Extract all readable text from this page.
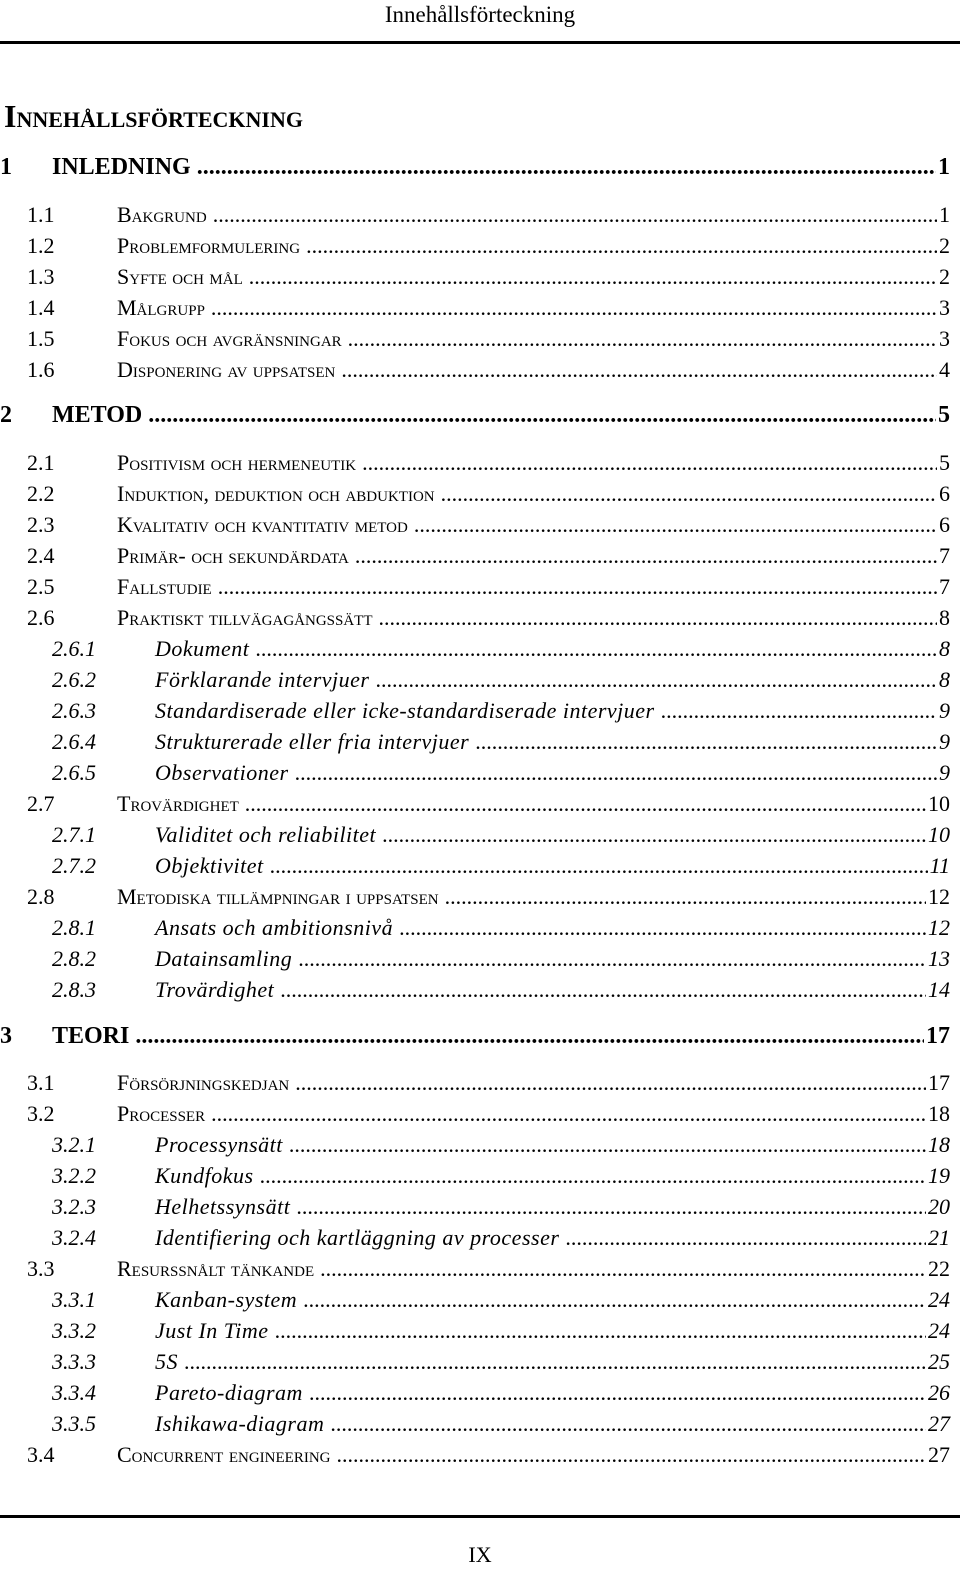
Innehållsförteckning
Innehållsförteckning
1	INLEDNING .....	1
1.1	Bakgrund .....	1
1.2	Problemformulering .....	2
1.3	Syfte och mål .....	2
1.4	Målgrupp .....	3
1.5	Fokus och avgränsningar .....	3
1.6	Disponering av uppsatsen .....	4
2	METOD .....	5
2.1	Positivism och hermeneutik .....	5
2.2	Induktion, deduktion och abduktion .....	6
2.3	Kvalitativ och kvantitativ metod .....	6
2.4	Primär- och sekundärdata .....	7
2.5	Fallstudie .....	7
2.6	Praktiskt tillvägagångssätt .....	8
2.6.1	Dokument .....	8
2.6.2	Förklarande intervjuer .....	8
2.6.3	Standardiserade eller icke-standardiserade intervjuer .....	9
2.6.4	Strukturerade eller fria intervjuer .....	9
2.6.5	Observationer .....	9
2.7	Trovärdighet .....	10
2.7.1	Validitet och reliabilitet .....	10
2.7.2	Objektivitet .....	11
2.8	Metodiska tillämpningar i uppsatsen .....	12
2.8.1	Ansats och ambitionsnivå .....	12
2.8.2	Datainsamling .....	13
2.8.3	Trovärdighet .....	14
3	TEORI .....	17
3.1	Försörjningskedjan .....	17
3.2	Processer .....	18
3.2.1	Processynsätt .....	18
3.2.2	Kundfokus .....	19
3.2.3	Helhetssynsätt .....	20
3.2.4	Identifiering och kartläggning av processer .....	21
3.3	Resurssnålt tänkande .....	22
3.3.1	Kanban-system .....	24
3.3.2	Just In Time .....	24
3.3.3	5S .....	25
3.3.4	Pareto-diagram .....	26
3.3.5	Ishikawa-diagram .....	27
3.4	Concurrent engineering .....	27
IX
